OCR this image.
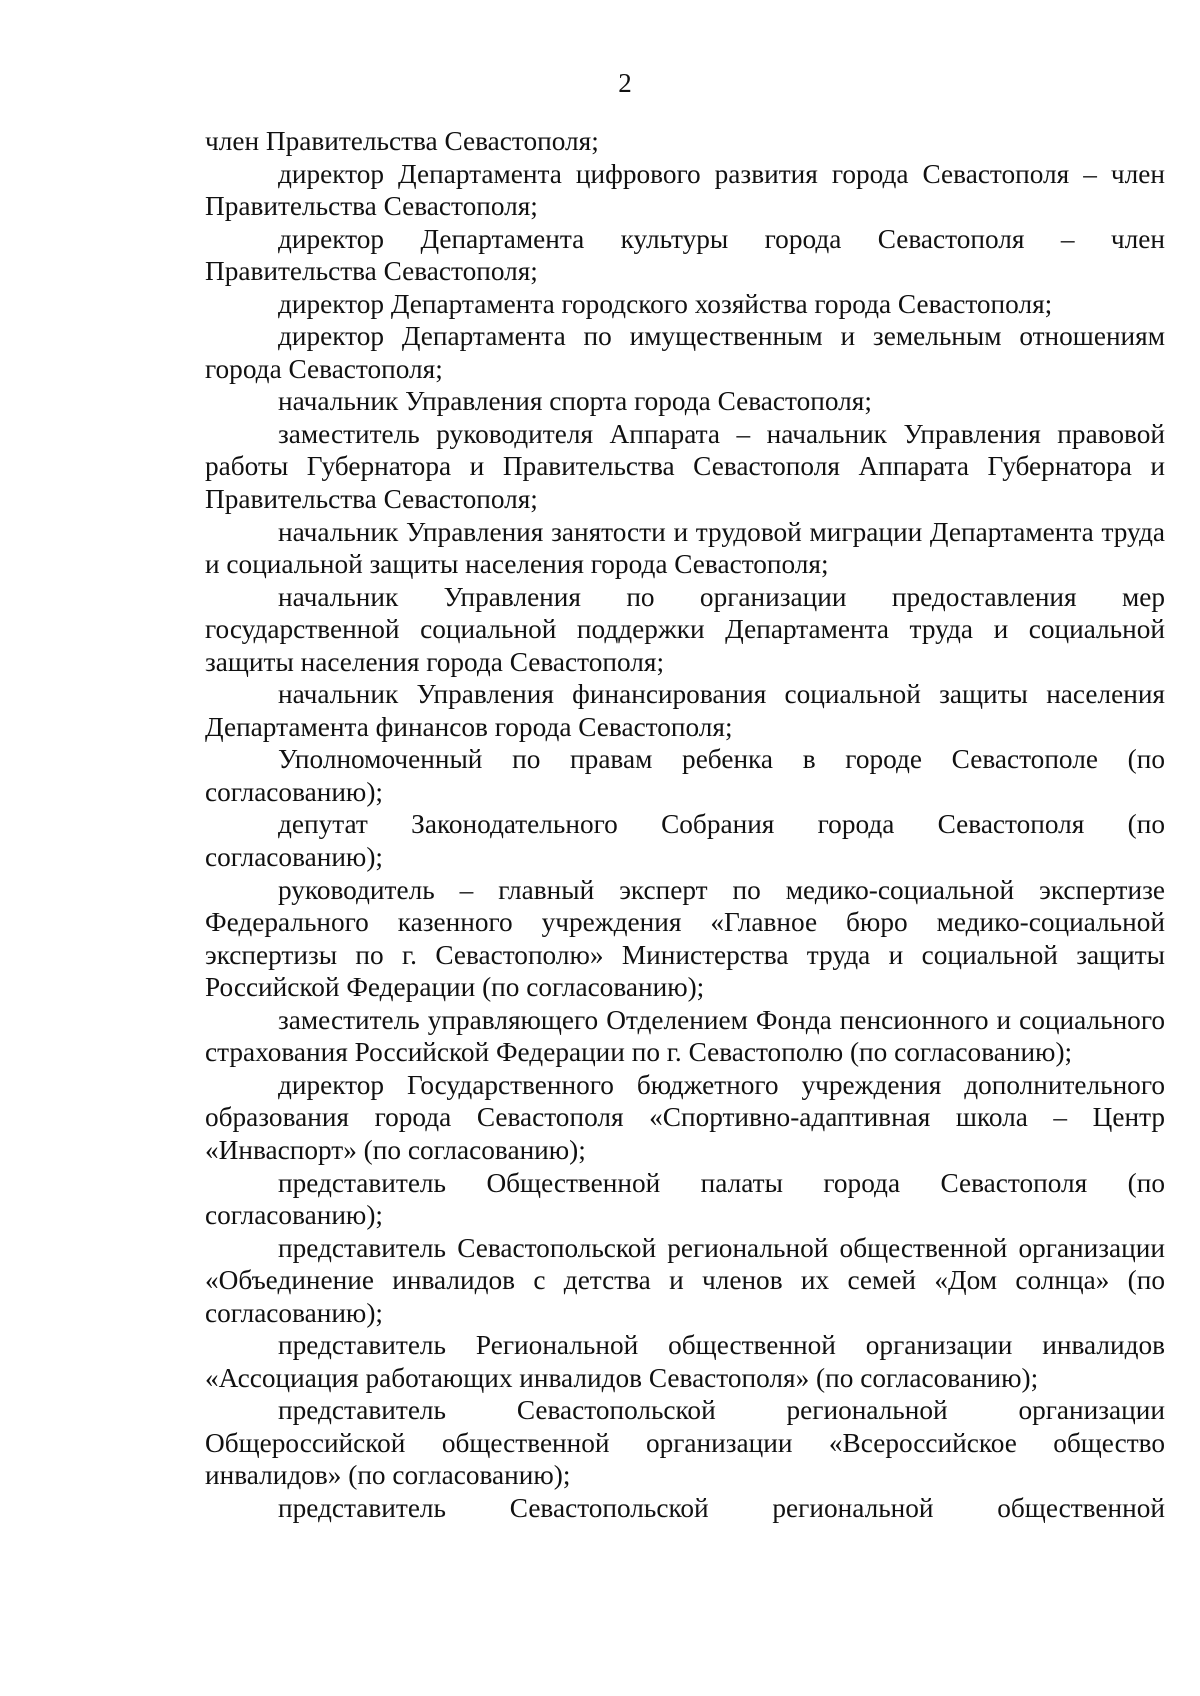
2

член Правительства Севастополя;

директор Департамента цифрового развития города Севастополя – член Правительства Севастополя;

директор Департамента культуры города Севастополя – член Правительства Севастополя;

директор Департамента городского хозяйства города Севастополя;

директор Департамента по имущественным и земельным отношениям города Севастополя;

начальник Управления спорта города Севастополя;

заместитель руководителя Аппарата – начальник Управления правовой работы Губернатора и Правительства Севастополя Аппарата Губернатора и Правительства Севастополя;

начальник Управления занятости и трудовой миграции Департамента труда и социальной защиты населения города Севастополя;

начальник Управления по организации предоставления мер государственной социальной поддержки Департамента труда и социальной защиты населения города Севастополя;

начальник Управления финансирования социальной защиты населения Департамента финансов города Севастополя;

Уполномоченный по правам ребенка в городе Севастополе (по согласованию);

депутат Законодательного Собрания города Севастополя (по согласованию);

руководитель – главный эксперт по медико-социальной экспертизе Федерального казенного учреждения «Главное бюро медико-социальной экспертизы по г. Севастополю» Министерства труда и социальной защиты Российской Федерации (по согласованию);

заместитель управляющего Отделением Фонда пенсионного и социального страхования Российской Федерации по г. Севастополю (по согласованию);

директор Государственного бюджетного учреждения дополнительного образования города Севастополя «Спортивно-адаптивная школа – Центр «Инваспорт» (по согласованию);

представитель Общественной палаты города Севастополя (по согласованию);

представитель Севастопольской региональной общественной организации «Объединение инвалидов с детства и членов их семей «Дом солнца» (по согласованию);

представитель Региональной общественной организации инвалидов «Ассоциация работающих инвалидов Севастополя» (по согласованию);

представитель Севастопольской региональной организации Общероссийской общественной организации «Всероссийское общество инвалидов» (по согласованию);

представитель Севастопольской региональной общественной
